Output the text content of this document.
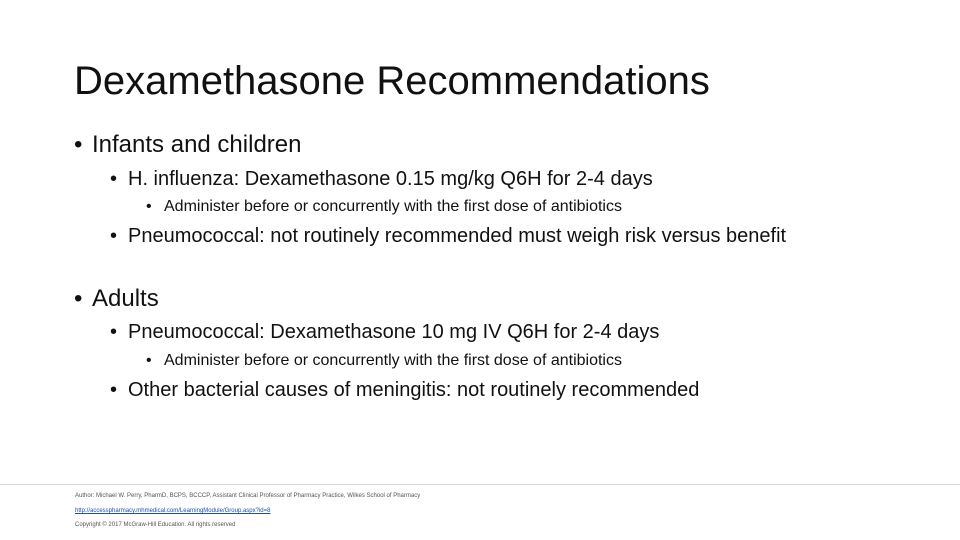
Dexamethasone Recommendations
• Infants and children
• H. influenza: Dexamethasone 0.15 mg/kg Q6H for 2-4 days
• Administer before or concurrently with the first dose of antibiotics
• Pneumococcal: not routinely recommended must weigh risk versus benefit
• Adults
• Pneumococcal: Dexamethasone 10 mg IV Q6H for 2-4 days
• Administer before or concurrently with the first dose of antibiotics
• Other bacterial causes of meningitis: not routinely recommended
Author: Michael W. Perry, PharmD, BCPS, BCCCP, Assistant Clinical Professor of Pharmacy Practice, Wilkes School of Pharmacy
http://accesspharmacy.mhmedical.com/LearningModule/Group.aspx?id=8
Copyright © 2017 McGraw-Hill Education. All rights reserved
